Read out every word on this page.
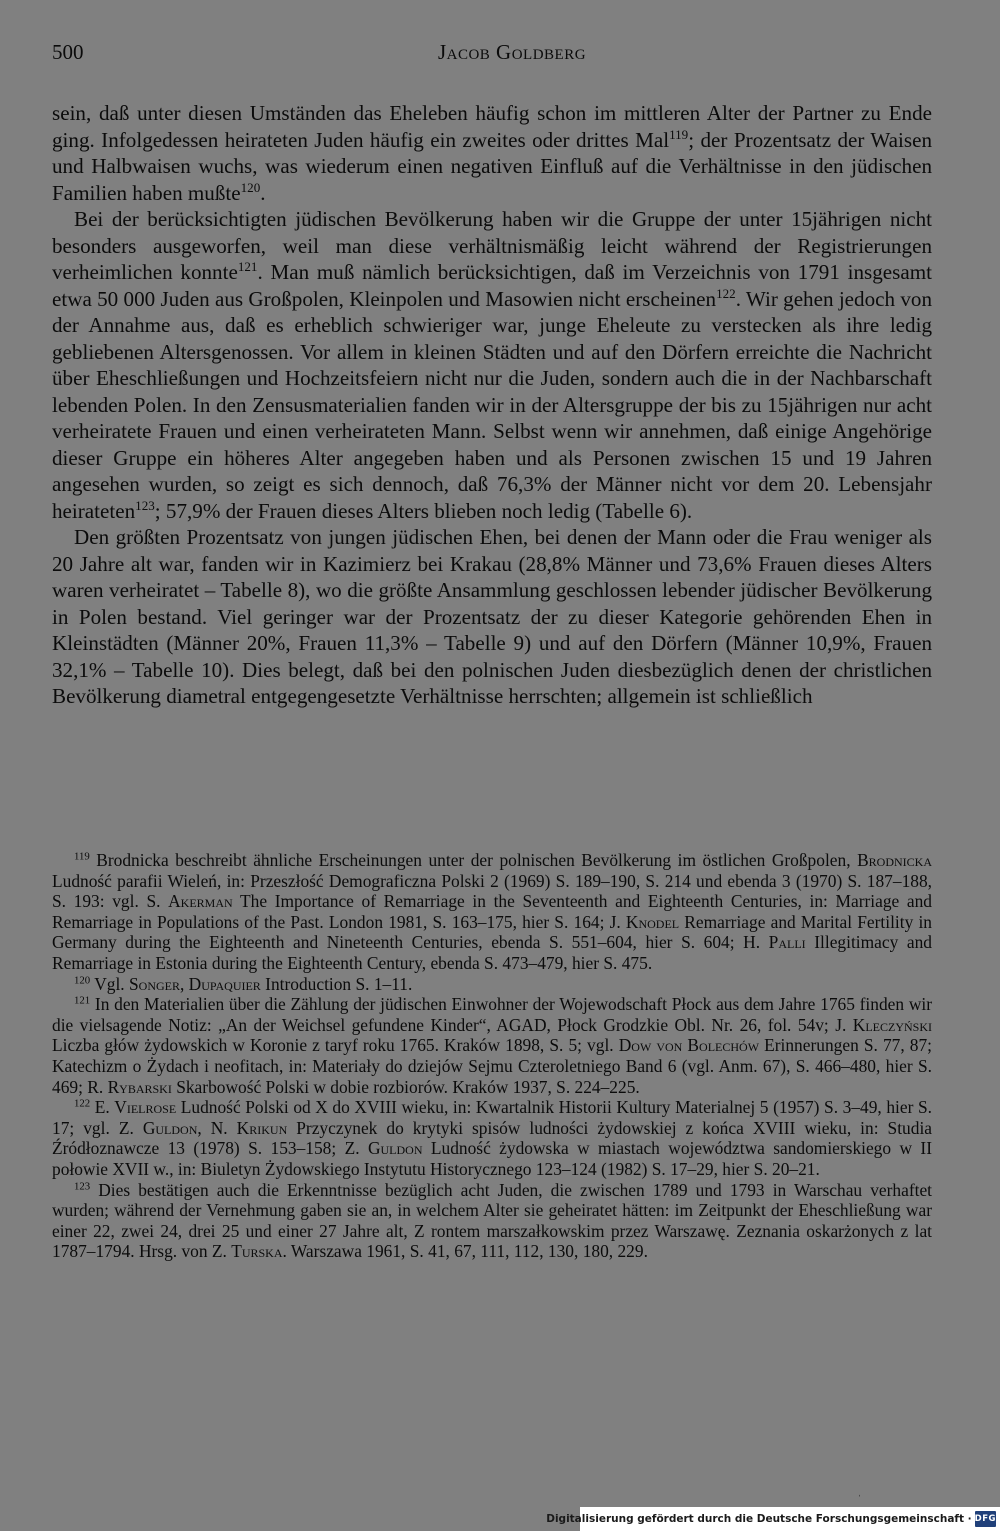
500	Jacob Goldberg

sein, daß unter diesen Umständen das Eheleben häufig schon im mittleren Alter der Partner zu Ende ging. Infolgedessen heirateten Juden häufig ein zweites oder drittes Mal$^{119}$; der Prozentsatz der Waisen und Halbwaisen wuchs, was wiederum einen negativen Einfluß auf die Verhältnisse in den jüdischen Familien haben mußte$^{120}$.

Bei der berücksichtigten jüdischen Bevölkerung haben wir die Gruppe der unter 15jährigen nicht besonders ausgeworfen, weil man diese verhältnismäßig leicht während der Registrierungen verheimlichen konnte$^{121}$. Man muß nämlich berücksichtigen, daß im Verzeichnis von 1791 insgesamt etwa 50 000 Juden aus Großpolen, Kleinpolen und Masowien nicht erscheinen$^{122}$. Wir gehen jedoch von der Annahme aus, daß es erheblich schwieriger war, junge Eheleute zu verstecken als ihre ledig gebliebenen Altersgenossen. Vor allem in kleinen Städten und auf den Dörfern erreichte die Nachricht über Eheschließungen und Hochzeitsfeiern nicht nur die Juden, sondern auch die in der Nachbarschaft lebenden Polen. In den Zensusmaterialien fanden wir in der Altersgruppe der bis zu 15jährigen nur acht verheiratete Frauen und einen verheirateten Mann. Selbst wenn wir annehmen, daß einige Angehörige dieser Gruppe ein höheres Alter angegeben haben und als Personen zwischen 15 und 19 Jahren angesehen wurden, so zeigt es sich dennoch, daß 76,3% der Männer nicht vor dem 20. Lebensjahr heirateten$^{123}$; 57,9% der Frauen dieses Alters blieben noch ledig (Tabelle 6).

Den größten Prozentsatz von jungen jüdischen Ehen, bei denen der Mann oder die Frau weniger als 20 Jahre alt war, fanden wir in Kazimierz bei Krakau (28,8% Männer und 73,6% Frauen dieses Alters waren verheiratet – Tabelle 8), wo die größte Ansammlung geschlossen lebender jüdischer Bevölkerung in Polen bestand. Viel geringer war der Prozentsatz der zu dieser Kategorie gehörenden Ehen in Kleinstädten (Männer 20%, Frauen 11,3% – Tabelle 9) und auf den Dörfern (Männer 10,9%, Frauen 32,1% – Tabelle 10). Dies belegt, daß bei den polnischen Juden diesbezüglich denen der christlichen Bevölkerung diametral entgegengesetzte Verhältnisse herrschten; allgemein ist schließlich

$^{119}$ Brodnicka beschreibt ähnliche Erscheinungen unter der polnischen Bevölkerung im östlichen Großpolen, Brodnicka Ludność parafii Wieleń, in: Przeszłość Demograficzna Polski 2 (1969) S. 189–190, S. 214 und ebenda 3 (1970) S. 187–188, S. 193: vgl. S. Akerman The Importance of Remarriage in the Seventeenth and Eighteenth Centuries, in: Marriage and Remarriage in Populations of the Past. London 1981, S. 163–175, hier S. 164; J. Knodel Remarriage and Marital Fertility in Germany during the Eighteenth and Nineteenth Centuries, ebenda S. 551–604, hier S. 604; H. Palli Illegitimacy and Remarriage in Estonia during the Eighteenth Century, ebenda S. 473–479, hier S. 475.

$^{120}$ Vgl. Songer, Dupaquier Introduction S. 1–11.

$^{121}$ In den Materialien über die Zählung der jüdischen Einwohner der Wojewodschaft Płock aus dem Jahre 1765 finden wir die vielsagende Notiz: „An der Weichsel gefundene Kinder“, AGAD, Płock Grodzkie Obl. Nr. 26, fol. 54v; J. Kleczyński Liczba głów żydowskich w Koronie z taryf roku 1765. Kraków 1898, S. 5; vgl. Dow von Bolechów Erinnerungen S. 77, 87; Katechizm o Żydach i neofitach, in: Materiały do dziejów Sejmu Czteroletniego Band 6 (vgl. Anm. 67), S. 466–480, hier S. 469; R. Rybarski Skarbowość Polski w dobie rozbiorów. Kraków 1937, S. 224–225.

$^{122}$ E. Vielrose Ludność Polski od X do XVIII wieku, in: Kwartalnik Historii Kultury Materialnej 5 (1957) S. 3–49, hier S. 17; vgl. Z. Guldon, N. Krikun Przyczynek do krytyki spisów ludności żydowskiej z końca XVIII wieku, in: Studia Źródłoznawcze 13 (1978) S. 153–158; Z. Guldon Ludność żydowska w miastach województwa sandomierskiego w II połowie XVII w., in: Biuletyn Żydowskiego Instytutu Historycznego 123–124 (1982) S. 17–29, hier S. 20–21.

$^{123}$ Dies bestätigen auch die Erkenntnisse bezüglich acht Juden, die zwischen 1789 und 1793 in Warschau verhaftet wurden; während der Vernehmung gaben sie an, in welchem Alter sie geheiratet hätten: im Zeitpunkt der Eheschließung war einer 22, zwei 24, drei 25 und einer 27 Jahre alt, Z rontem marszałkowskim przez Warszawę. Zeznania oskarżonych z lat 1787–1794. Hrsg. von Z. Turska. Warszawa 1961, S. 41, 67, 111, 112, 130, 180, 229.

ˌ
Digitalisierung gefördert durch die Deutsche Forschungsgemeinschaft · DFG
